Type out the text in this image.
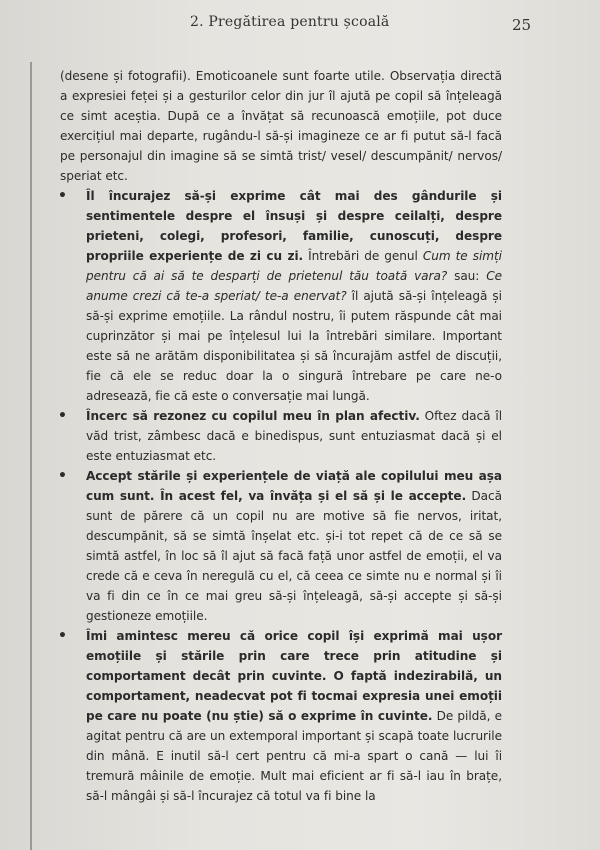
2. Pregătirea pentru școală	25

(desene și fotografii). Emoticoanele sunt foarte utile. Observația directă a expresiei feței și a gesturilor celor din jur îl ajută pe copil să înțeleagă ce simt aceștia. După ce a învățat să recunoască emoțiile, pot duce exercițiul mai departe, rugându-l să-și imagineze ce ar fi putut să-l facă pe personajul din imagine să se simtă trist/ vesel/ descumpănit/ nervos/ speriat etc.

• Îl încurajez să-și exprime cât mai des gândurile și sentimentele despre el însuși și despre ceilalți, despre prieteni, colegi, profesori, familie, cunoscuți, despre propriile experiențe de zi cu zi. Întrebări de genul Cum te simți pentru că ai să te desparți de prietenul tău toată vara? sau: Ce anume crezi că te-a speriat/ te-a enervat? îl ajută să-și înțeleagă și să-și exprime emoțiile. La rândul nostru, îi putem răspunde cât mai cuprinzător și mai pe înțelesul lui la întrebări similare. Important este să ne arătăm disponibilitatea și să încurajăm astfel de discuții, fie că ele se reduc doar la o singură întrebare pe care ne-o adresează, fie că este o conversație mai lungă.
• Încerc să rezonez cu copilul meu în plan afectiv. Oftez dacă îl văd trist, zâmbesc dacă e binedispus, sunt entuziasmat dacă și el este entuziasmat etc.
• Accept stările și experiențele de viață ale copilului meu așa cum sunt. În acest fel, va învăța și el să și le accepte. Dacă sunt de părere că un copil nu are motive să fie nervos, iritat, descumpănit, să se simtă înșelat etc. și-i tot repet că de ce să se simtă astfel, în loc să îl ajut să facă față unor astfel de emoții, el va crede că e ceva în neregulă cu el, că ceea ce simte nu e normal și îi va fi din ce în ce mai greu să-și înțeleagă, să-și accepte și să-și gestioneze emoțiile.
• Îmi amintesc mereu că orice copil își exprimă mai ușor emoțiile și stările prin care trece prin atitudine și comportament decât prin cuvinte. O faptă indezirabilă, un comportament, neadecvat pot fi tocmai expresia unei emoții pe care nu poate (nu știe) să o exprime în cuvinte. De pildă, e agitat pentru că are un extemporal important și scapă toate lucrurile din mână. E inutil să-l cert pentru că mi-a spart o cană — lui îi tremură mâinile de emoție. Mult mai eficient ar fi să-l iau în brațe, să-l mângâi și să-l încurajez că totul va fi bine la
